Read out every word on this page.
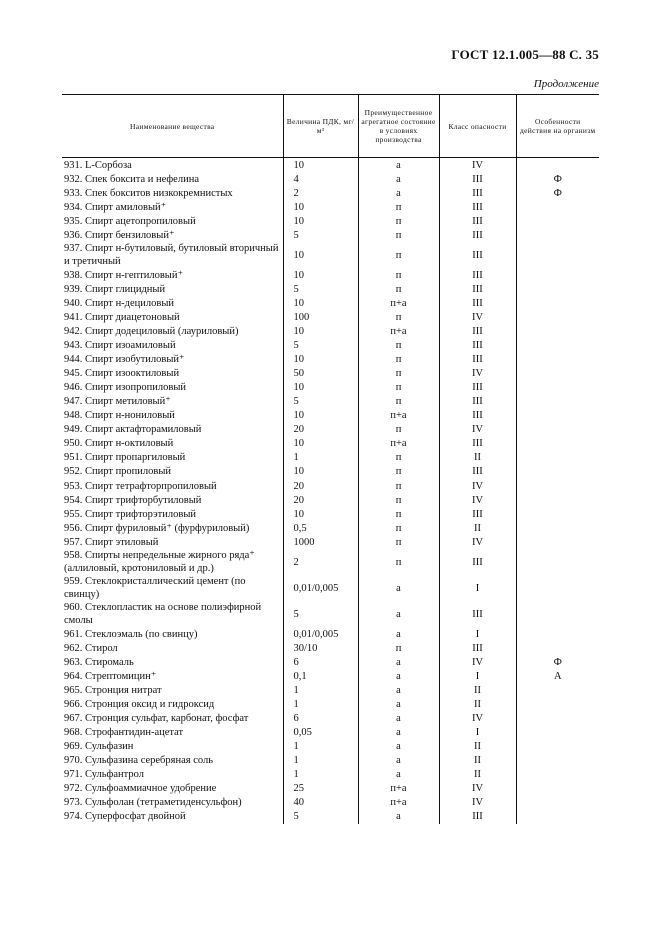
ГОСТ 12.1.005—88 С. 35
Продолжение
Наименование вещества	Величина ПДК, мг/м³	Преимущественное агрегатное состояние в условиях производства	Класс опасности	Особенности действия на организм
931. L-Сорбоза	10	а	IV	
932. Спек боксита и нефелина	4	а	III	Ф
933. Спек бокситов низкокремнистых	2	а	III	Ф
934. Спирт амиловый⁺	10	п	III	
935. Спирт ацетопропиловый	10	п	III	
936. Спирт бензиловый⁺	5	п	III	
937. Спирт н-бутиловый, бутиловый вторичный и третичный	10	п	III	
938. Спирт н-гептиловый⁺	10	п	III	
939. Спирт глицидный	5	п	III	
940. Спирт н-дециловый	10	п+а	III	
941. Спирт диацетоновый	100	п	IV	
942. Спирт додециловый (лауриловый)	10	п+а	III	
943. Спирт изоамиловый	5	п	III	
944. Спирт изобутиловый⁺	10	п	III	
945. Спирт изооктиловый	50	п	IV	
946. Спирт изопропиловый	10	п	III	
947. Спирт метиловый⁺	5	п	III	
948. Спирт н-нониловый	10	п+а	III	
949. Спирт актафторамиловый	20	п	IV	
950. Спирт н-октиловый	10	п+а	III	
951. Спирт пропаргиловый	1	п	II	
952. Спирт пропиловый	10	п	III	
953. Спирт тетрафторпропиловый	20	п	IV	
954. Спирт трифторбутиловый	20	п	IV	
955. Спирт трифторэтиловый	10	п	III	
956. Спирт фуриловый⁺ (фурфуриловый)	0,5	п	II	
957. Спирт этиловый	1000	п	IV	
958. Спирты непредельные жирного ряда⁺ (аллиловый, кротониловый и др.)	2	п	III	
959. Стеклокристаллический цемент (по свинцу)	0,01/0,005	а	I	
960. Стеклопластик на основе полиэфирной смолы	5	а	III	
961. Стеклоэмаль (по свинцу)	0,01/0,005	а	I	
962. Стирол	30/10	п	III	
963. Стиромаль	6	а	IV	Ф
964. Стрептомицин⁺	0,1	а	I	А
965. Стронция нитрат	1	а	II	
966. Стронция оксид и гидроксид	1	а	II	
967. Стронция сульфат, карбонат, фосфат	6	а	IV	
968. Строфантидин-ацетат	0,05	а	I	
969. Сульфазин	1	а	II	
970. Сульфазина серебряная соль	1	а	II	
971. Сульфантрол	1	а	II	
972. Сульфоаммиачное удобрение	25	п+а	IV	
973. Сульфолан (тетраметиденсульфон)	40	п+а	IV	
974. Суперфосфат двойной	5	а	III	
